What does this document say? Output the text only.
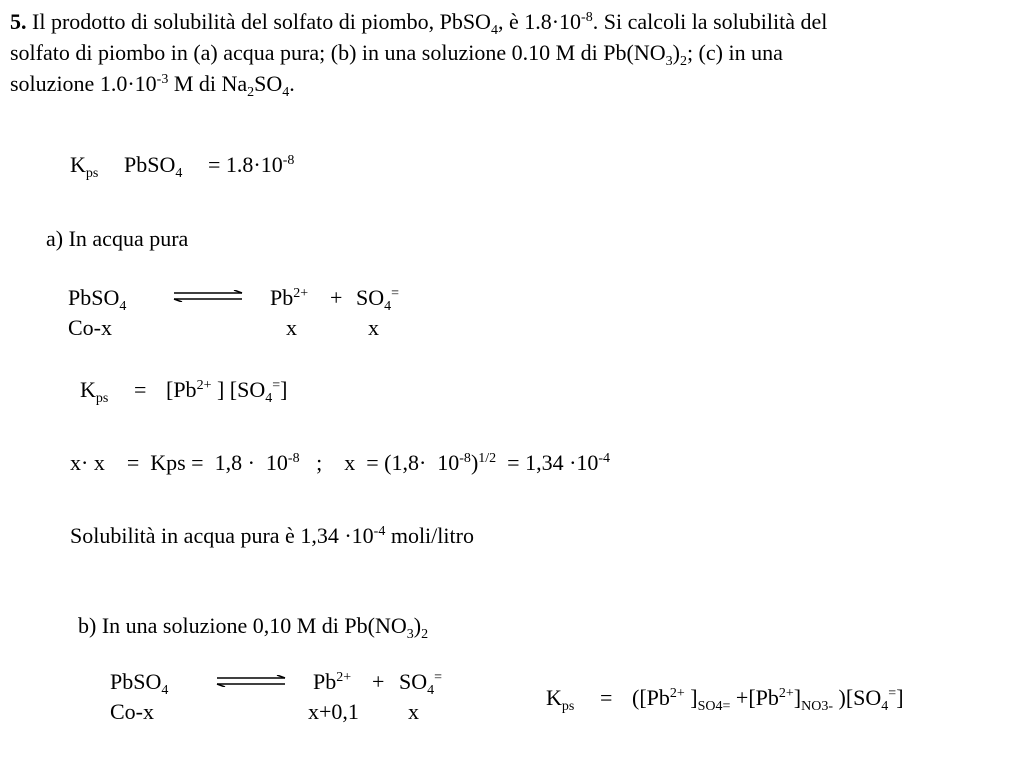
5. Il prodotto di solubilità del solfato di piombo, PbSO$_4$, è $1.8\cdot 10^{-8}$. Si calcoli la solubilità del
solfato di piombo in (a) acqua pura; (b) in una soluzione 0.10 M di $Pb(NO_3)_2$; (c) in una
soluzione $1.0\cdot 10^{-3}$ M di $Na_2SO_4$.
$K_{ps}$ PbSO$_4$ = $1.8\cdot 10^{-8}$
a) In acqua pura
PbSO$_4$	$Pb^{2+} + SO_4^=$
Co-x	x	x
$K_{ps} = [Pb^{2+}$ ] $[SO_4^=]$
x· x    =  Kps =  $1,8 \cdot 10^{-8}$   ;    $x = (1,8\cdot 10^{-8})^{1/2} = 1,34 \cdot 10^{-4}$
Solubilità in acqua pura è $1,34 \cdot 10^{-4}$ moli/litro
b) In una soluzione 0,10 M di $Pb(NO_3)_2$
PbSO$_4$	$Pb^{2+} + SO_4^=$
Co-x	x+0,1 x
$K_{ps} = ([Pb^{2+}$ ]$_{SO4=} +[Pb^{2+}]_{NO3-}$ )$[SO_4^=]$
